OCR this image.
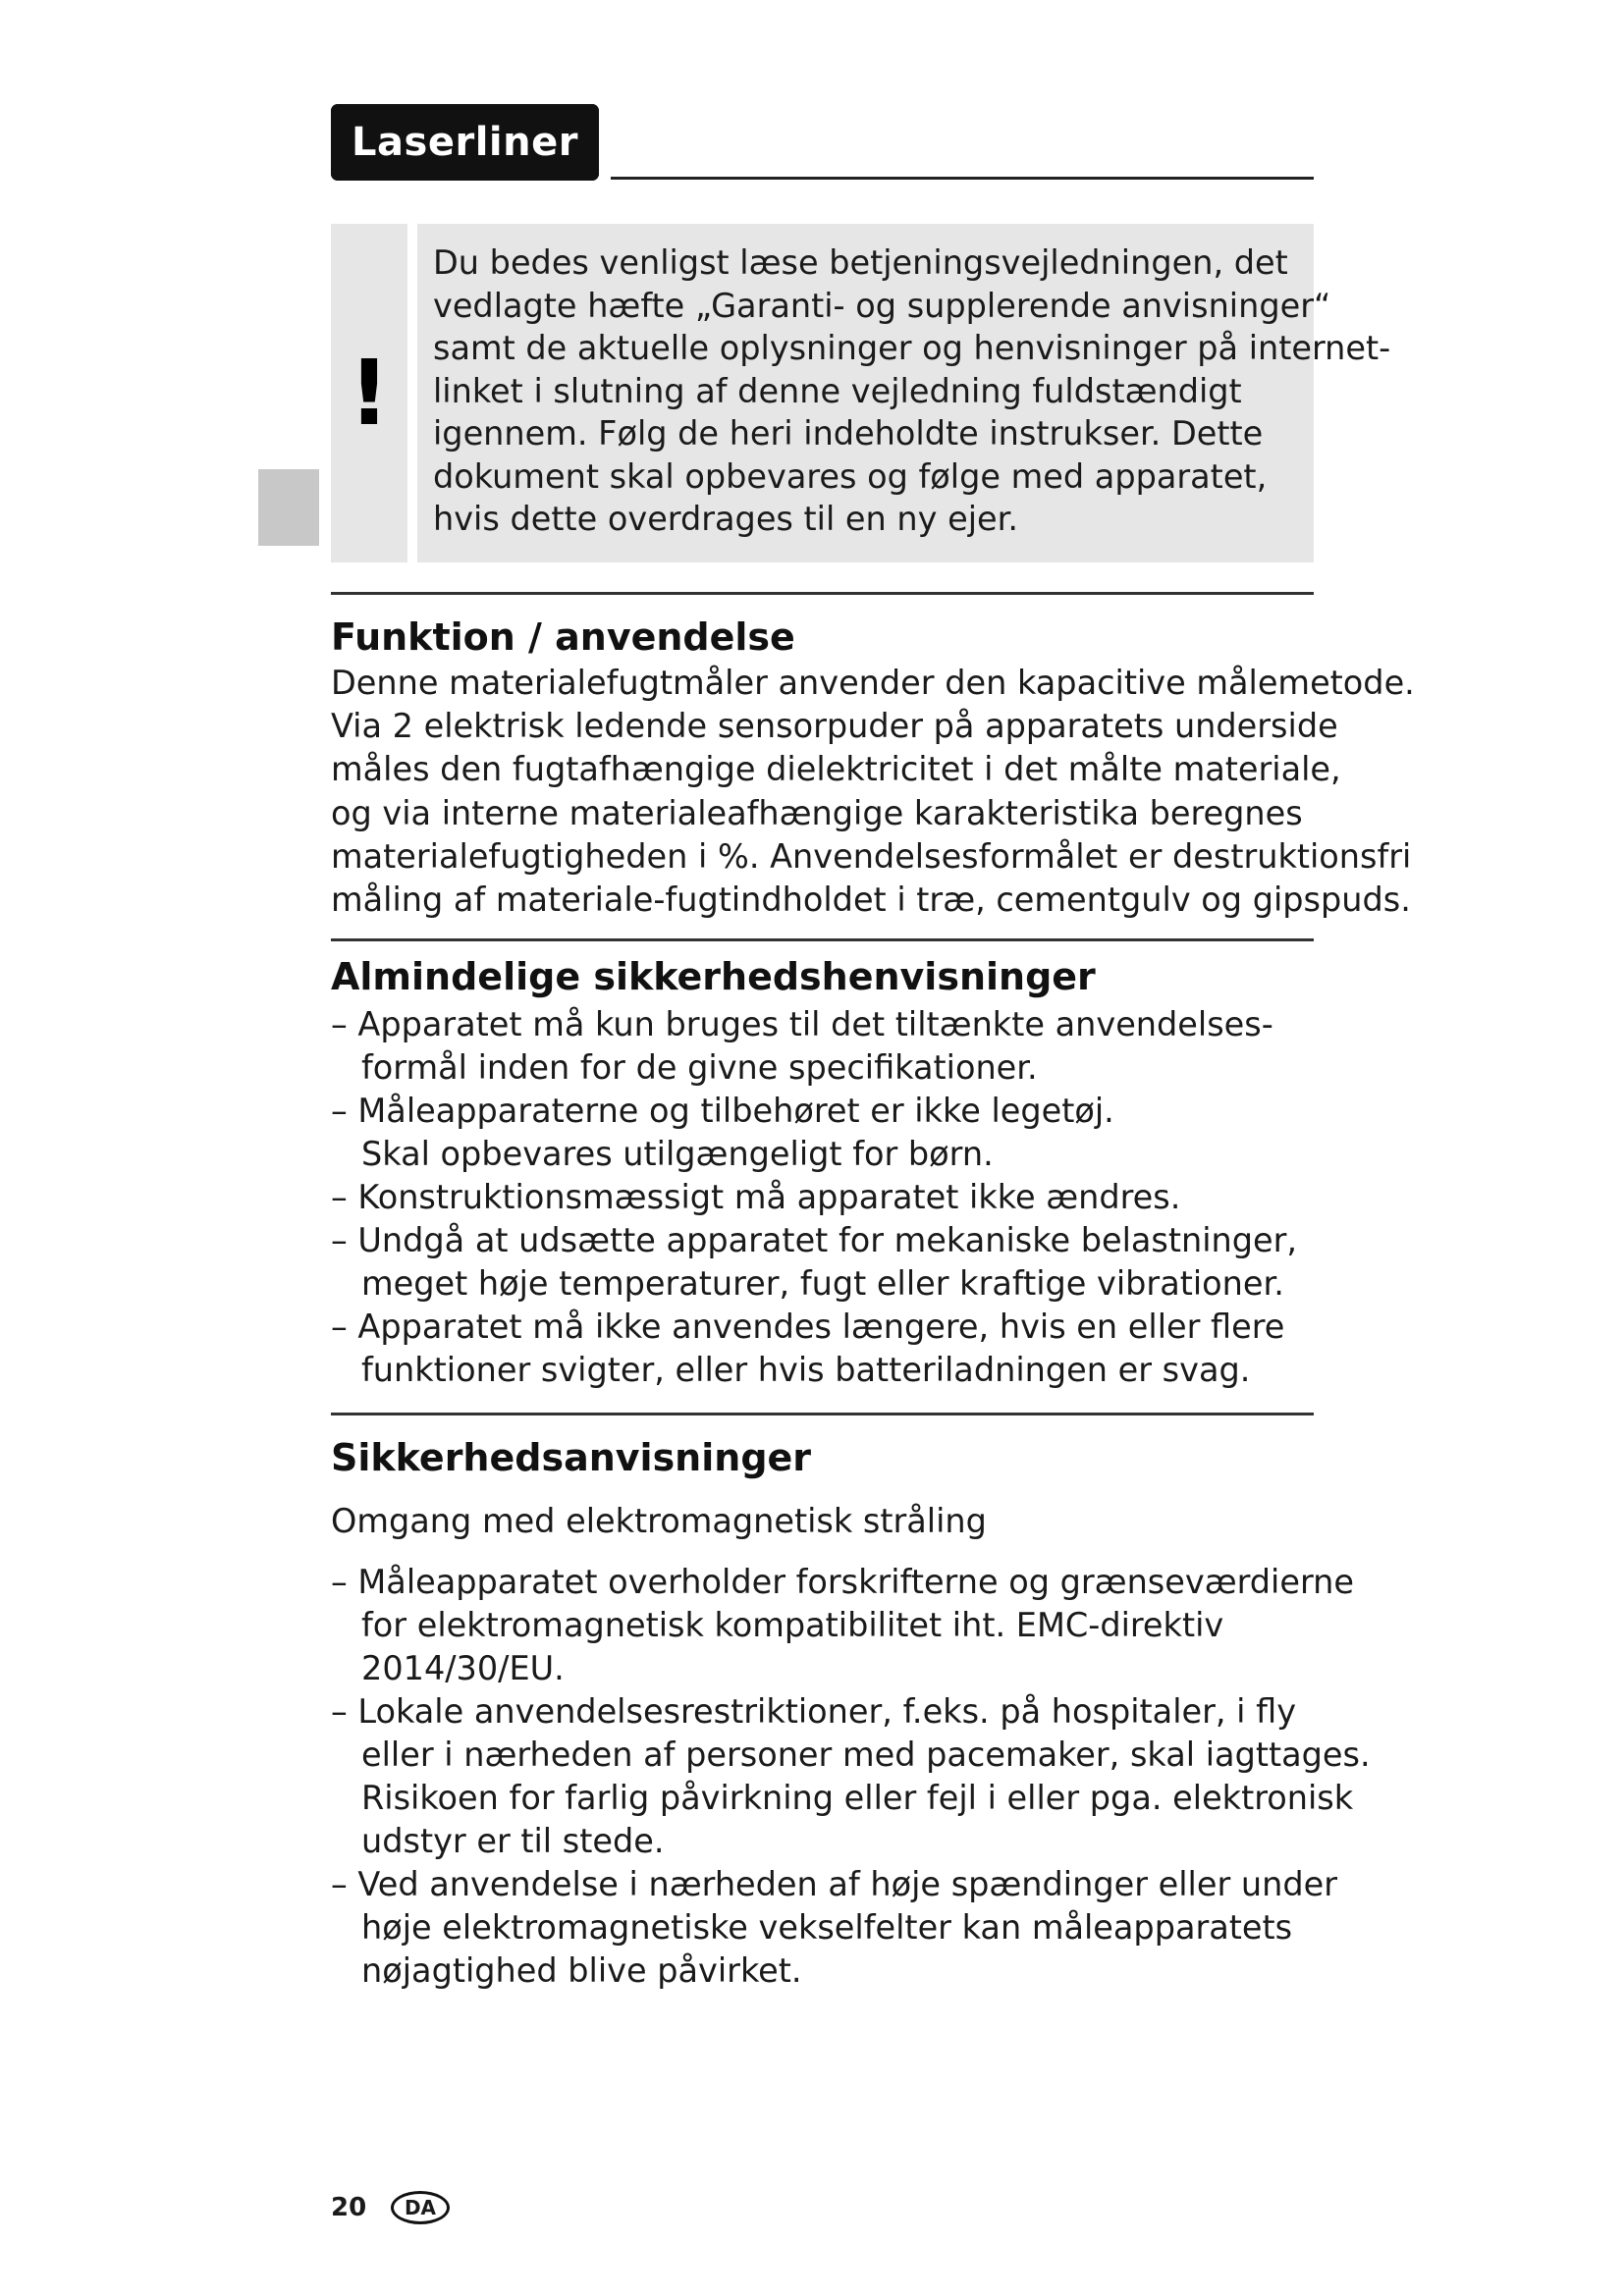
Laserliner
!
Du bedes venligst læse betjeningsvejledningen, det
vedlagte hæfte „Garanti- og supplerende anvisninger“
samt de aktuelle oplysninger og henvisninger på internet-
linket i slutning af denne vejledning fuldstændigt
igennem. Følg de heri indeholdte instrukser. Dette
dokument skal opbevares og følge med apparatet,
hvis dette overdrages til en ny ejer.
Funktion / anvendelse
Denne materialefugtmåler anvender den kapacitive målemetode.
Via 2 elektrisk ledende sensorpuder på apparatets underside
måles den fugtafhængige dielektricitet i det målte materiale,
og via interne materialeafhængige karakteristika beregnes
materialefugtigheden i %. Anvendelsesformålet er destruktionsfri
måling af materiale-fugtindholdet i træ, cementgulv og gipspuds.
Almindelige sikkerhedshenvisninger
– Apparatet må kun bruges til det tiltænkte anvendelses-
formål inden for de givne specifikationer.
– Måleapparaterne og tilbehøret er ikke legetøj.
Skal opbevares utilgængeligt for børn.
– Konstruktionsmæssigt må apparatet ikke ændres.
– Undgå at udsætte apparatet for mekaniske belastninger,
meget høje temperaturer, fugt eller kraftige vibrationer.
– Apparatet må ikke anvendes længere, hvis en eller flere
funktioner svigter, eller hvis batteriladningen er svag.
Sikkerhedsanvisninger
Omgang med elektromagnetisk stråling
– Måleapparatet overholder forskrifterne og grænseværdierne
for elektromagnetisk kompatibilitet iht. EMC-direktiv
2014/30/EU.
– Lokale anvendelsesrestriktioner, f.eks. på hospitaler, i fly
eller i nærheden af personer med pacemaker, skal iagttages.
Risikoen for farlig påvirkning eller fejl i eller pga. elektronisk
udstyr er til stede.
– Ved anvendelse i nærheden af høje spændinger eller under
høje elektromagnetiske vekselfelter kan måleapparatets
nøjagtighed blive påvirket.
20 DA
